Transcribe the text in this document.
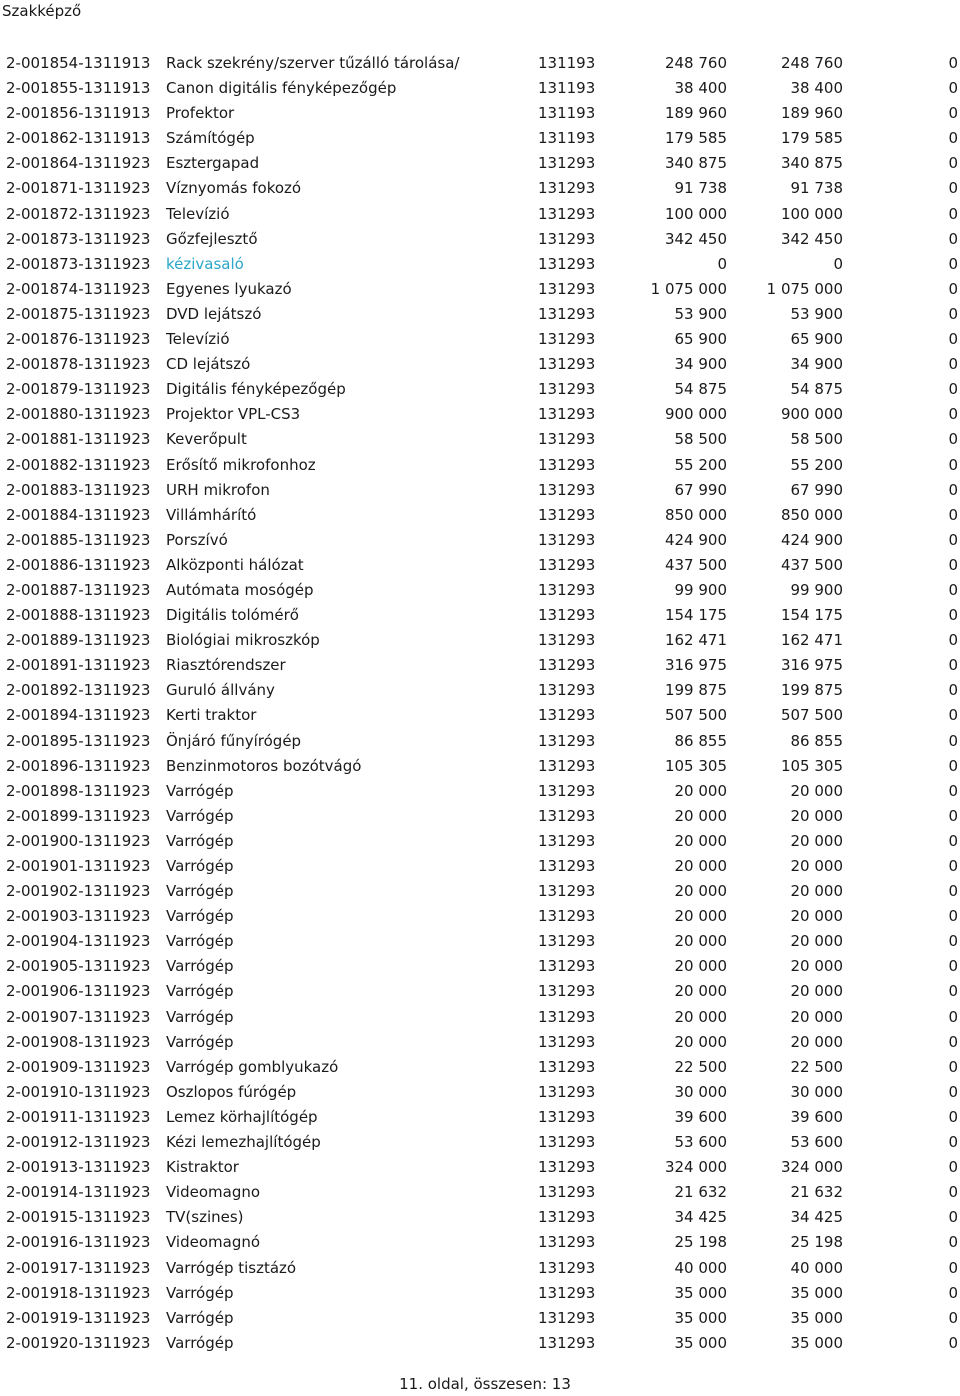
Szakképző
2-001854-1311913 Rack szekrény/szerver tűzálló tárolása/	131193	248 760	248 760	0
2-001855-1311913 Canon digitális fényképezőgép	131193	38 400	38 400	0
2-001856-1311913 Profektor	131193	189 960	189 960	0
2-001862-1311913 Számítógép	131193	179 585	179 585	0
2-001864-1311923 Esztergapad	131293	340 875	340 875	0
2-001871-1311923 Víznyomás fokozó	131293	91 738	91 738	0
2-001872-1311923 Televízió	131293	100 000	100 000	0
2-001873-1311923 Gőzfejlesztő	131293	342 450	342 450	0
2-001873-1311923 kézivasaló	131293	0	0	0
2-001874-1311923 Egyenes lyukazó	131293	1 075 000	1 075 000	0
2-001875-1311923 DVD lejátszó	131293	53 900	53 900	0
2-001876-1311923 Televízió	131293	65 900	65 900	0
2-001878-1311923 CD lejátszó	131293	34 900	34 900	0
2-001879-1311923 Digitális fényképezőgép	131293	54 875	54 875	0
2-001880-1311923 Projektor VPL-CS3	131293	900 000	900 000	0
2-001881-1311923 Keverőpult	131293	58 500	58 500	0
2-001882-1311923 Erősítő mikrofonhoz	131293	55 200	55 200	0
2-001883-1311923 URH mikrofon	131293	67 990	67 990	0
2-001884-1311923 Villámhárító	131293	850 000	850 000	0
2-001885-1311923 Porszívó	131293	424 900	424 900	0
2-001886-1311923 Alközponti hálózat	131293	437 500	437 500	0
2-001887-1311923 Autómata mosógép	131293	99 900	99 900	0
2-001888-1311923 Digitális tolómérő	131293	154 175	154 175	0
2-001889-1311923 Biológiai mikroszkóp	131293	162 471	162 471	0
2-001891-1311923 Riasztórendszer	131293	316 975	316 975	0
2-001892-1311923 Guruló állvány	131293	199 875	199 875	0
2-001894-1311923 Kerti traktor	131293	507 500	507 500	0
2-001895-1311923 Önjáró fűnyírógép	131293	86 855	86 855	0
2-001896-1311923 Benzinmotoros bozótvágó	131293	105 305	105 305	0
2-001898-1311923 Varrógép	131293	20 000	20 000	0
2-001899-1311923 Varrógép	131293	20 000	20 000	0
2-001900-1311923 Varrógép	131293	20 000	20 000	0
2-001901-1311923 Varrógép	131293	20 000	20 000	0
2-001902-1311923 Varrógép	131293	20 000	20 000	0
2-001903-1311923 Varrógép	131293	20 000	20 000	0
2-001904-1311923 Varrógép	131293	20 000	20 000	0
2-001905-1311923 Varrógép	131293	20 000	20 000	0
2-001906-1311923 Varrógép	131293	20 000	20 000	0
2-001907-1311923 Varrógép	131293	20 000	20 000	0
2-001908-1311923 Varrógép	131293	20 000	20 000	0
2-001909-1311923 Varrógép gomblyukazó	131293	22 500	22 500	0
2-001910-1311923 Oszlopos fúrógép	131293	30 000	30 000	0
2-001911-1311923 Lemez körhajlítógép	131293	39 600	39 600	0
2-001912-1311923 Kézi lemezhajlítógép	131293	53 600	53 600	0
2-001913-1311923 Kistraktor	131293	324 000	324 000	0
2-001914-1311923 Videomagno	131293	21 632	21 632	0
2-001915-1311923 TV(szines)	131293	34 425	34 425	0
2-001916-1311923 Videomagnó	131293	25 198	25 198	0
2-001917-1311923 Varrógép tisztázó	131293	40 000	40 000	0
2-001918-1311923 Varrógép	131293	35 000	35 000	0
2-001919-1311923 Varrógép	131293	35 000	35 000	0
2-001920-1311923 Varrógép	131293	35 000	35 000	0
11. oldal, összesen: 13
